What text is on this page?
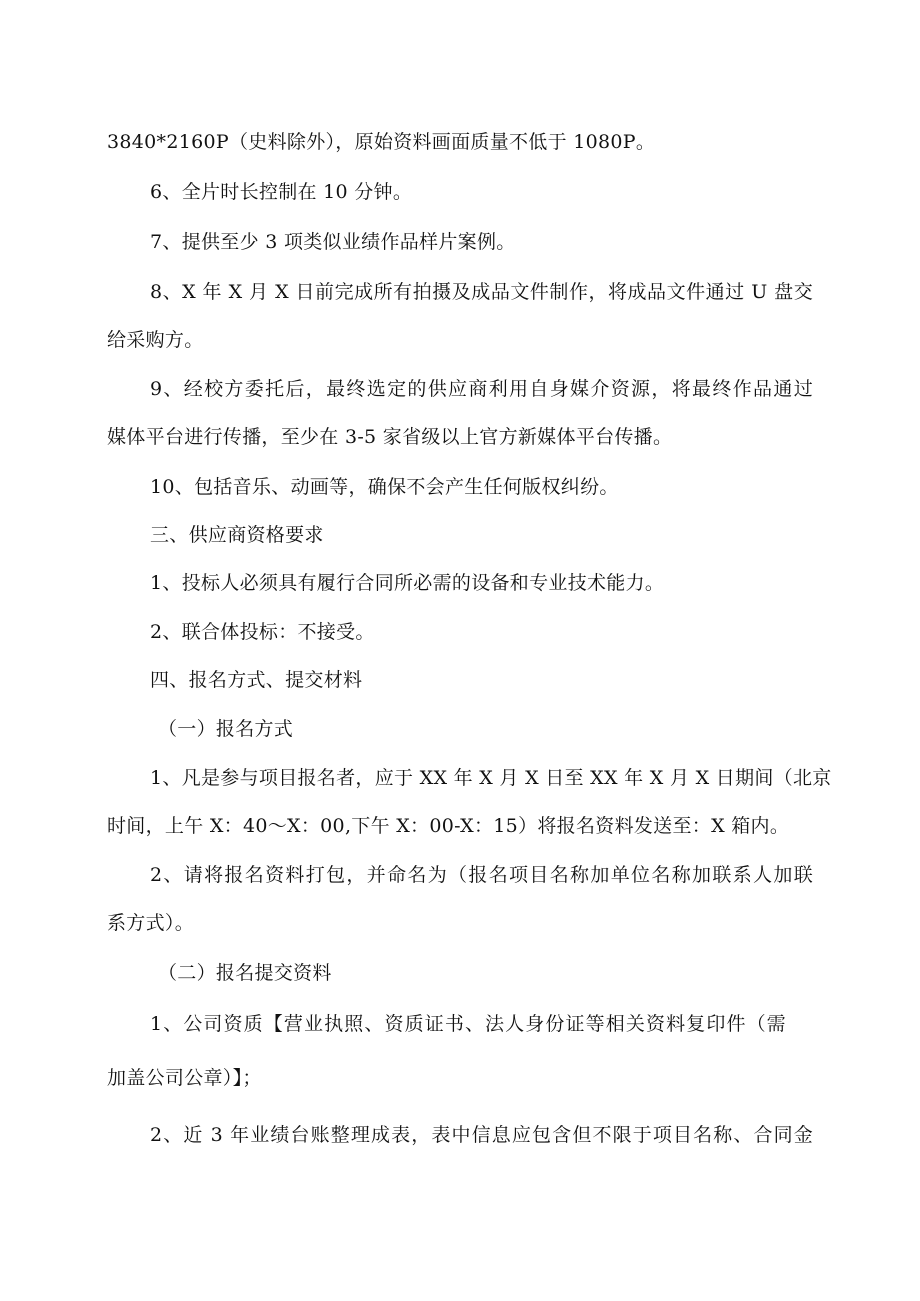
3840*2160P（史料除外），原始资料画面质量不低于 1080P。
6、全片时长控制在 10 分钟。
7、提供至少 3 项类似业绩作品样片案例。
8、X 年 X 月 X 日前完成所有拍摄及成品文件制作，将成品文件通过 U 盘交
给采购方。
9、经校方委托后，最终选定的供应商利用自身媒介资源，将最终作品通过
媒体平台进行传播，至少在 3-5 家省级以上官方新媒体平台传播。
10、包括音乐、动画等，确保不会产生任何版权纠纷。
三、供应商资格要求
1、投标人必须具有履行合同所必需的设备和专业技术能力。
2、联合体投标：不接受。
四、报名方式、提交材料
（一）报名方式
1、凡是参与项目报名者，应于 XX 年 X 月 X 日至 XX 年 X 月 X 日期间（北京
时间，上午 X：40～X：00,下午 X：00-X：15）将报名资料发送至：X 箱内。
2、请将报名资料打包，并命名为（报名项目名称加单位名称加联系人加联
系方式）。
（二）报名提交资料
1、公司资质【营业执照、资质证书、法人身份证等相关资料复印件（需
加盖公司公章）】；
2、近 3 年业绩台账整理成表，表中信息应包含但不限于项目名称、合同金
